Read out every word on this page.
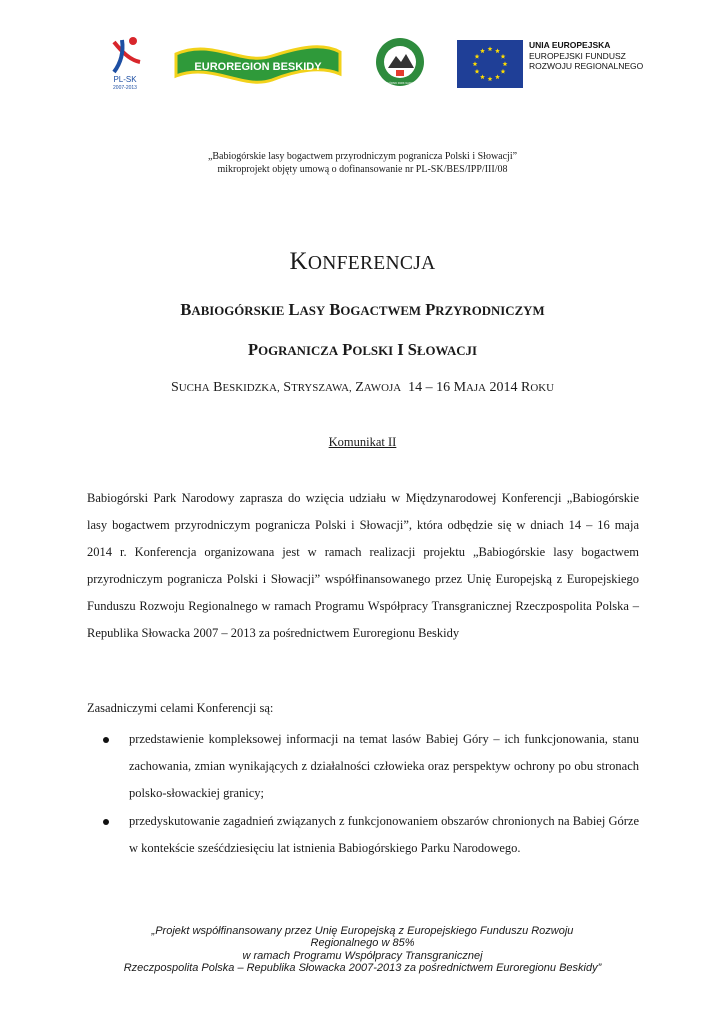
PL-SK
2007-2013
EUROREGION BESKIDY
BABIOGÓRSKI PARK NARODOWY
UNIA EUROPEJSKA
EUROPEJSKI FUNDUSZ
ROZWOJU REGIONALNEGO
„Babiogórskie lasy bogactwem przyrodniczym pogranicza Polski i Słowacji”
mikroprojekt objęty umową o dofinansowanie nr PL-SK/BES/IPP/III/08
KONFERENCJA
BABIOGÓRSKIE LASY BOGACTWEM PRZYRODNICZYM
POGRANICZA POLSKI I SŁOWACJI
SUCHA BESKIDZKA, STRYSZAWA, ZAWOJA 14 – 16 MAJA 2014 ROKU
Komunikat II
Babiogórski Park Narodowy zaprasza do wzięcia udziału w Międzynarodowej Konferencji „Babiogórskie lasy bogactwem przyrodniczym pogranicza Polski i Słowacji”, która odbędzie się w dniach 14 – 16 maja 2014 r. Konferencja organizowana jest w ramach realizacji projektu „Babiogórskie lasy bogactwem przyrodniczym pogranicza Polski i Słowacji” współfinansowanego przez Unię Europejską z Europejskiego Funduszu Rozwoju Regionalnego w ramach Programu Współpracy Transgranicznej Rzeczpospolita Polska – Republika Słowacka 2007 – 2013 za pośrednictwem Euroregionu Beskidy
Zasadniczymi celami Konferencji są:
przedstawienie kompleksowej informacji na temat lasów Babiej Góry – ich funkcjonowania, stanu zachowania, zmian wynikających z działalności człowieka oraz perspektyw ochrony po obu stronach polsko-słowackiej granicy;
przedyskutowanie zagadnień związanych z funkcjonowaniem obszarów chronionych na Babiej Górze w kontekście sześćdziesięciu lat istnienia Babiogórskiego Parku Narodowego.
„Projekt współfinansowany przez Unię Europejską z Europejskiego Funduszu Rozwoju
Regionalnego w 85%
w ramach Programu Współpracy Transgranicznej
Rzeczpospolita Polska – Republika Słowacka 2007-2013 za pośrednictwem Euroregionu Beskidy”
